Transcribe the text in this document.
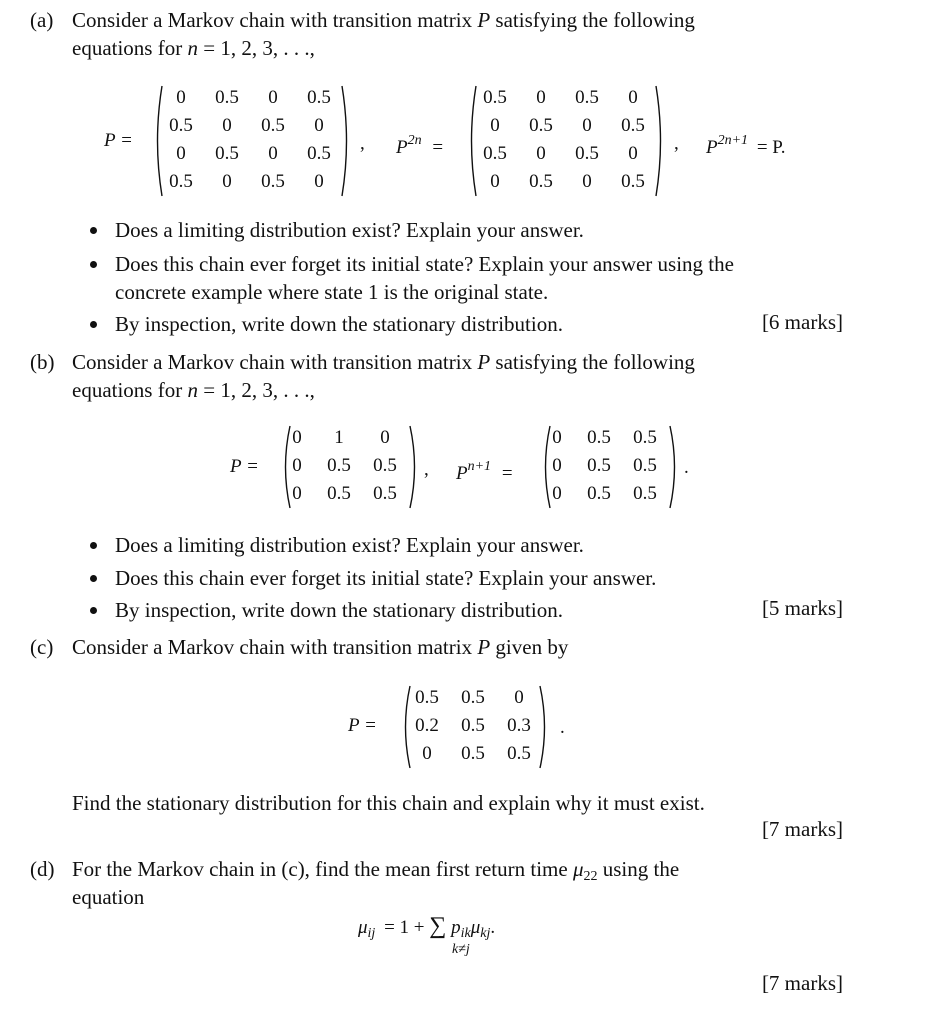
(a) Consider a Markov chain with transition matrix P satisfying the following
equations for n = 1, 2, 3, . . .,
P =
0	0.5	0	0.5
0.5	0	0.5	0
0	0.5	0	0.5
0.5	0	0.5	0
, $P^{2n}$ =
0.5	0	0.5	0
0	0.5	0	0.5
0.5	0	0.5	0
0	0.5	0	0.5
, $P^{2n+1} = P$.
Does a limiting distribution exist? Explain your answer.
Does this chain ever forget its initial state? Explain your answer using the
concrete example where state 1 is the original state.
By inspection, write down the stationary distribution.	[6 marks]
(b) Consider a Markov chain with transition matrix P satisfying the following
equations for n = 1, 2, 3, . . .,
P =
0	1	0
0	0.5	0.5
0	0.5	0.5
, $P^{n+1}$ =
0	0.5	0.5
0	0.5	0.5
0	0.5	0.5
.
Does a limiting distribution exist? Explain your answer.
Does this chain ever forget its initial state? Explain your answer.
By inspection, write down the stationary distribution.	[5 marks]
(c) Consider a Markov chain with transition matrix P given by
P =
0.5	0.5	0
0.2	0.5	0.3
0	0.5	0.5
.
Find the stationary distribution for this chain and explain why it must exist.
[7 marks]
(d) For the Markov chain in (c), find the mean first return time $\mu_{22}$ using the
equation
$\mu_{ij} = 1$ + ∑ $p_{ik}\mu_{kj}$.
k≠j
[7 marks]
